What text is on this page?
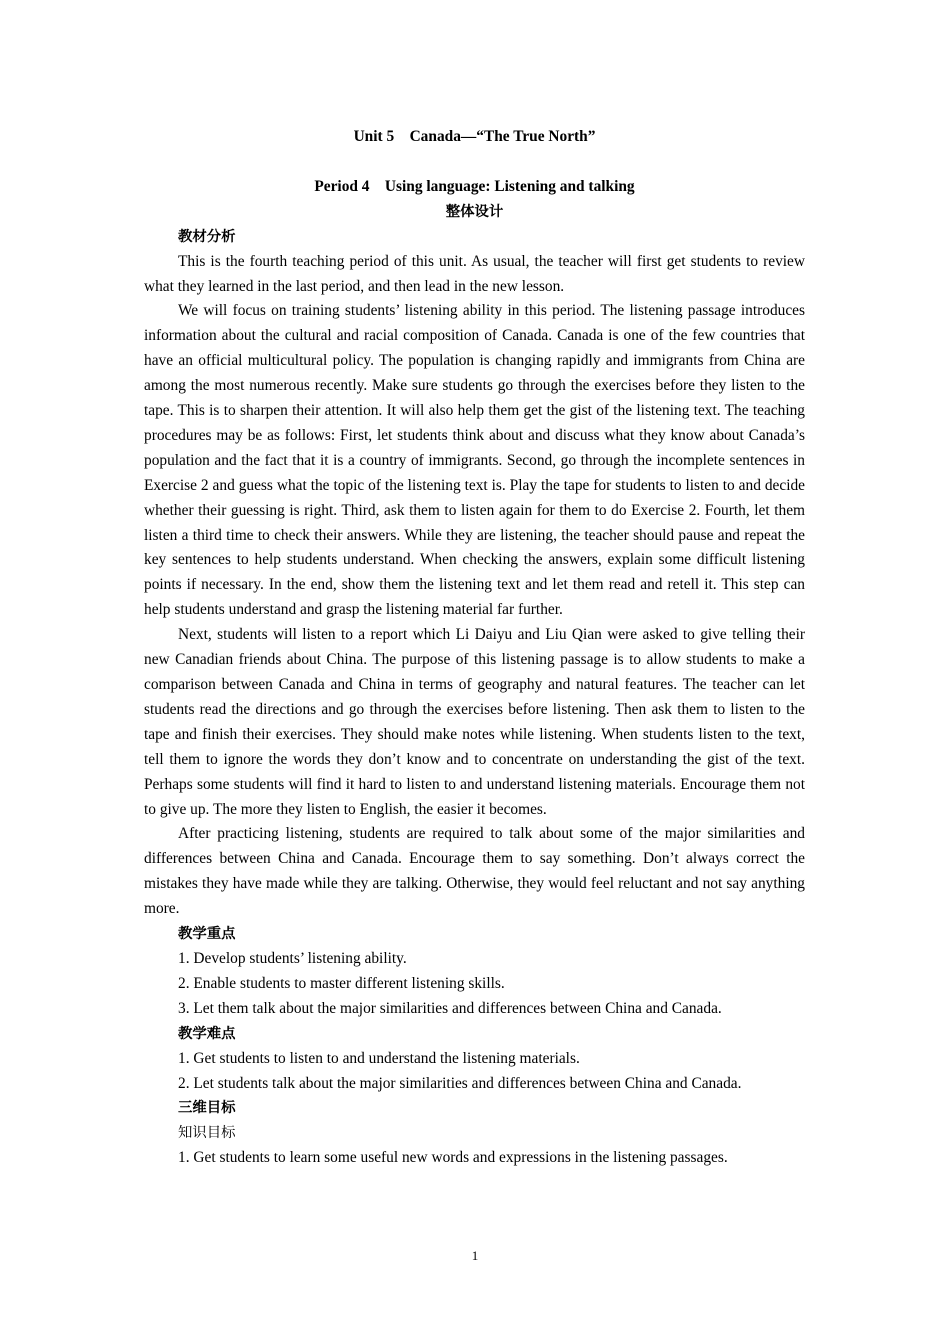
Unit 5　Canada—“The True North”
Period 4　Using language: Listening and talking
整体设计
教材分析

This is the fourth teaching period of this unit. As usual, the teacher will first get students to review what they learned in the last period, and then lead in the new lesson.

We will focus on training students’ listening ability in this period. The listening passage introduces information about the cultural and racial composition of Canada. Canada is one of the few countries that have an official multicultural policy. The population is changing rapidly and immigrants from China are among the most numerous recently. Make sure students go through the exercises before they listen to the tape. This is to sharpen their attention. It will also help them get the gist of the listening text. The teaching procedures may be as follows: First, let students think about and discuss what they know about Canada’s population and the fact that it is a country of immigrants. Second, go through the incomplete sentences in Exercise 2 and guess what the topic of the listening text is. Play the tape for students to listen to and decide whether their guessing is right. Third, ask them to listen again for them to do Exercise 2. Fourth, let them listen a third time to check their answers. While they are listening, the teacher should pause and repeat the key sentences to help students understand. When checking the answers, explain some difficult listening points if necessary. In the end, show them the listening text and let them read and retell it. This step can help students understand and grasp the listening material far further.

Next, students will listen to a report which Li Daiyu and Liu Qian were asked to give telling their new Canadian friends about China. The purpose of this listening passage is to allow students to make a comparison between Canada and China in terms of geography and natural features. The teacher can let students read the directions and go through the exercises before listening. Then ask them to listen to the tape and finish their exercises. They should make notes while listening. When students listen to the text, tell them to ignore the words they don’t know and to concentrate on understanding the gist of the text. Perhaps some students will find it hard to listen to and understand listening materials. Encourage them not to give up. The more they listen to English, the easier it becomes.

After practicing listening, students are required to talk about some of the major similarities and differences between China and Canada. Encourage them to say something. Don’t always correct the mistakes they have made while they are talking. Otherwise, they would feel reluctant and not say anything more.

教学重点

1. Develop students’ listening ability.

2. Enable students to master different listening skills.

3. Let them talk about the major similarities and differences between China and Canada.

教学难点

1. Get students to listen to and understand the listening materials.

2. Let students talk about the major similarities and differences between China and Canada.

三维目标
知识目标

1. Get students to learn some useful new words and expressions in the listening passages.

1
